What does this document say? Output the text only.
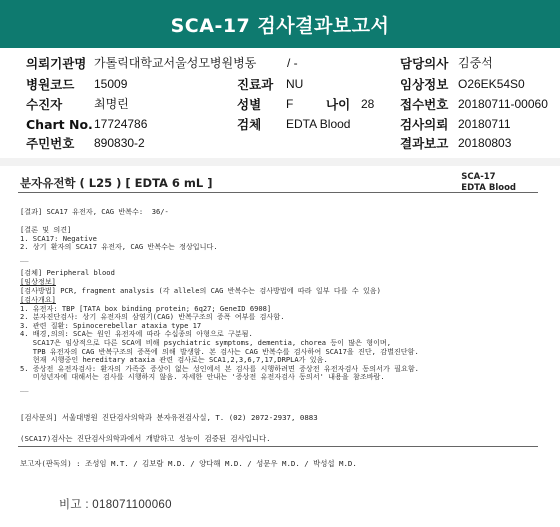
SCA-17 검사결과보고서
의뢰기관명 가톨릭대학교서울성모병원병동	/ -	담당의사 김중석
병원코드 15009	진료과 NU	임상정보 O26EK54S0
수진자	최명린	성별 F	나이 28 접수번호 20180711-00060
Chart No. 17724786	검체 EDTA Blood	검사의뢰 20180711
주민번호 890830-2	결과보고 20180803
분자유전학 ( L25 ) [ EDTA 6 mL ]	SCA-17
EDTA Blood
[결과] SCA17 유전자, CAG 반복수:  36/-
[결론 및 의견]
1. SCA17: Negative
2. 상기 환자의 SCA17 유전자, CAG 반복수는 정상입니다.
__
[검체] Peripheral blood
[임상정보]
[검사방법] PCR, fragment analysis (각 allele의 CAG 반복수는 검사방법에 따라 일부 다를 수 있음)
[검사개요]
1. 유전자: TBP [TATA box binding protein; 6q27; GeneID 6908]
2. 분자진단검사: 상기 유전자의 삼염기(CAG) 반복구조의 증폭 여부를 검사함.
3. 관련 질환: Spinocerebellar ataxia type 17
4. 배경,의의: SCA는 원인 유전자에 따라 수십종의 아형으로 구분됨.
SCA17은 임상적으로 다른 SCA에 비해 psychiatric symptoms, dementia, chorea 등이 많은 형이며,
TPB 유전자의 CAG 반복구조의 증폭에 의해 발생함. 본 검사는 CAG 반복수를 검사하여 SCA17을 진단, 감별진단함.
현재 시행중인 hereditary ataxia 관련 검사로는 SCA1,2,3,6,7,17,DRPLA가 있음.
5. 증상전 유전자검사: 환자의 가족중 증상이 없는 성인에서 본 검사를 시행하려면 증상전 유전자검사 동의서가 필요함.
미성년자에 대해서는 검사를 시행하지 않음. 자세한 안내는 '증상전 유전자검사 동의서' 내용을 참조바람.
__
[검사문의] 서울대병원 진단검사의학과 분자유전검사실, T. (02) 2072-2937, 0883
(SCA17)검사는 진단검사의학과에서 개발하고 성능이 검증된 검사입니다.
보고자(판독의) : 조성임 M.T. / 김보람 M.D. / 양다해 M.D. / 성문우 M.D. / 박성섭 M.D.
비고 : 018071100060
